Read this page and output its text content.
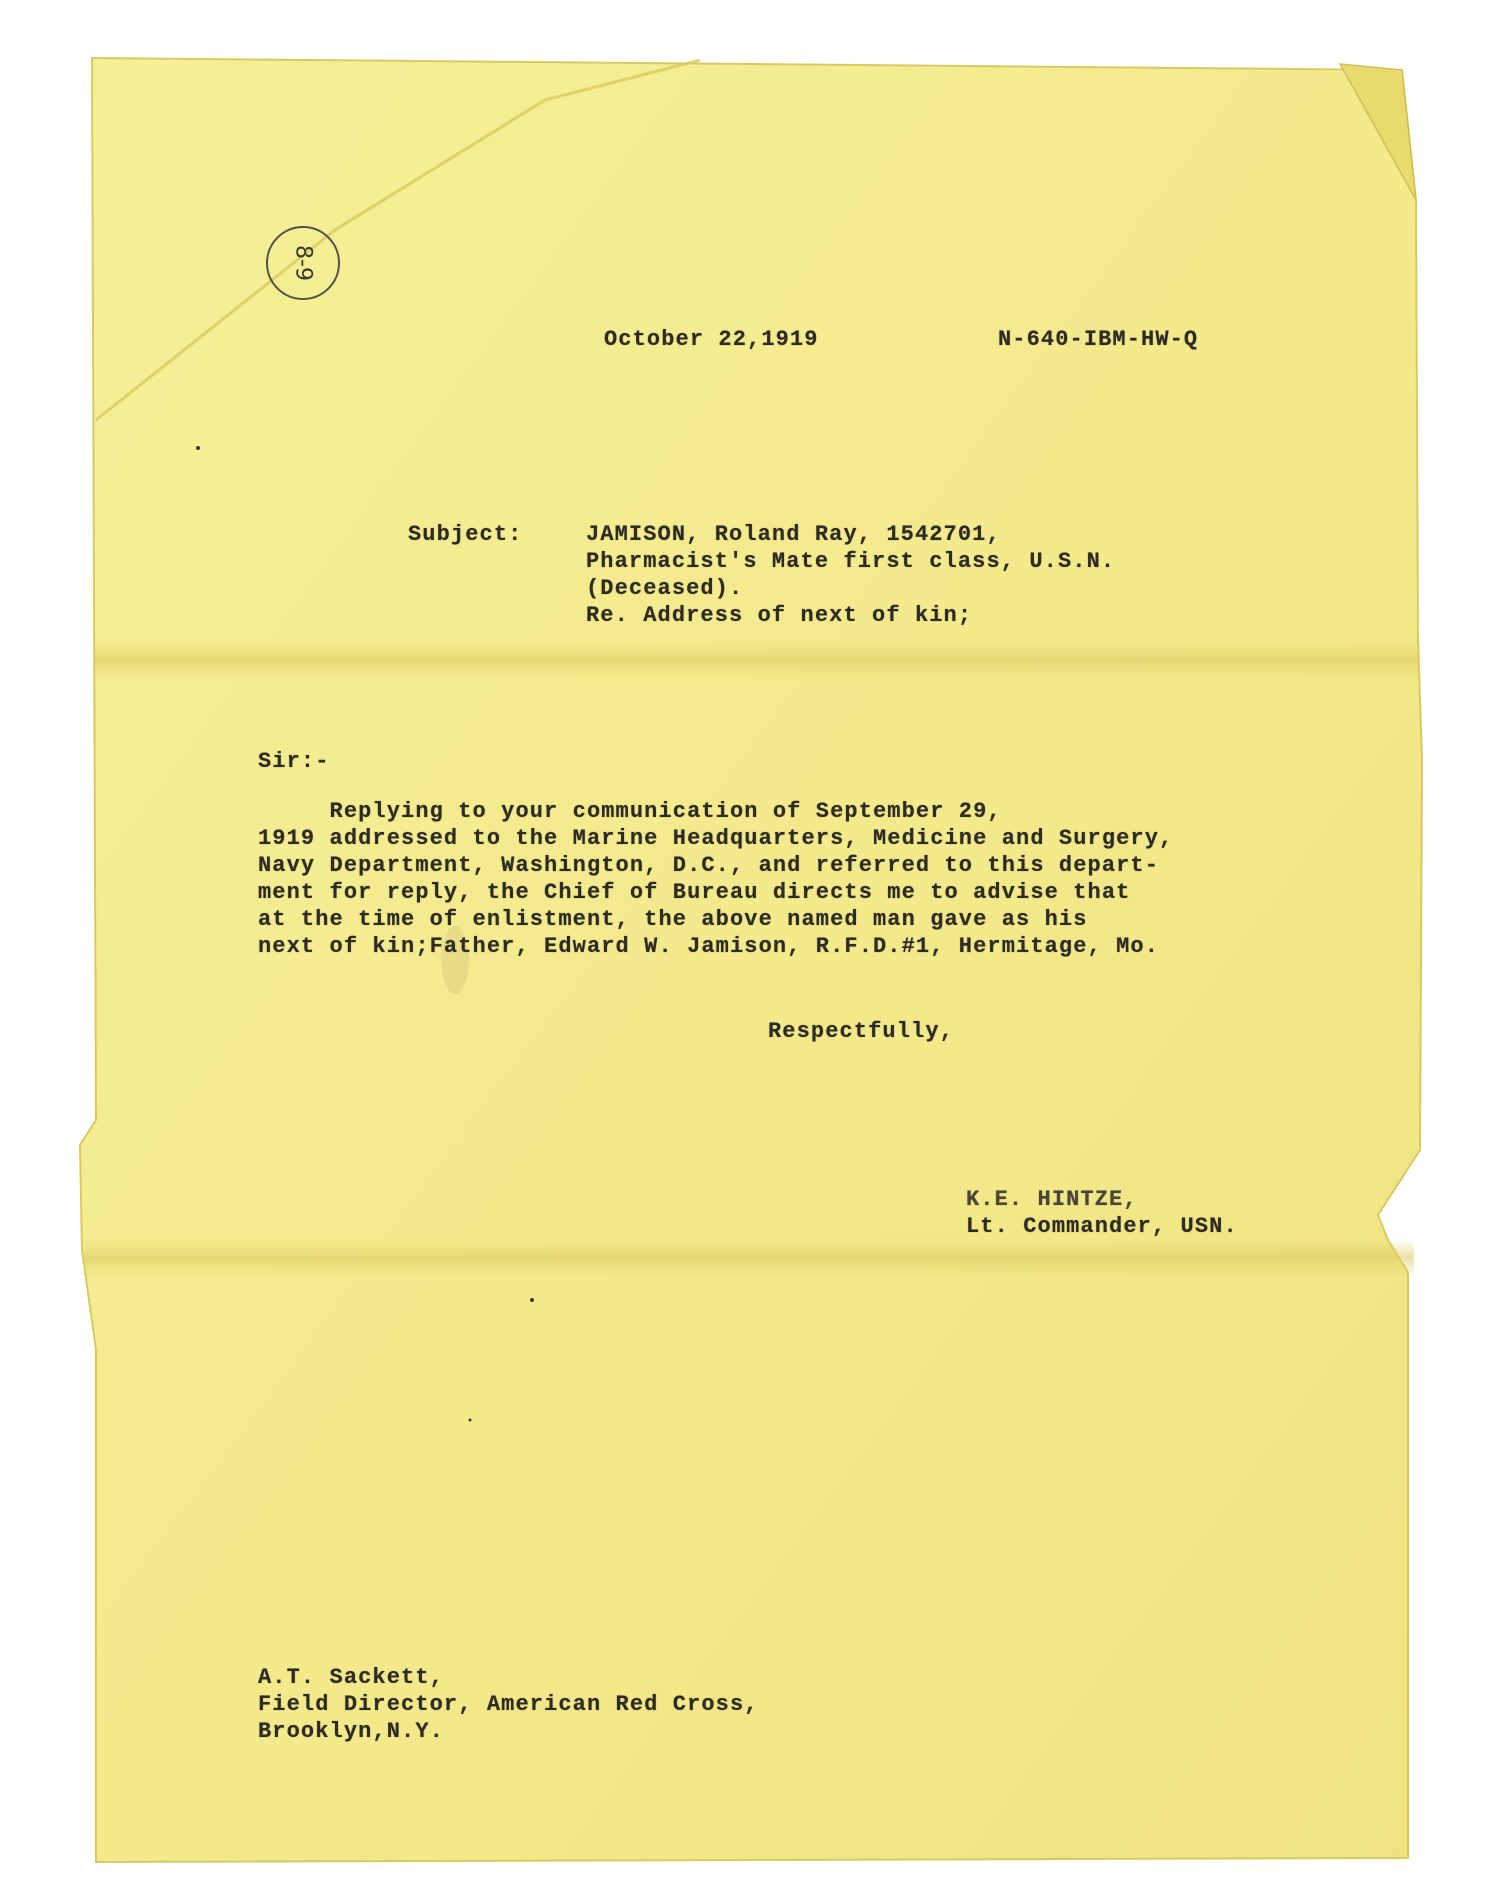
8-9
October 22,1919	N-640-IBM-HW-Q
Subject:	JAMISON, Roland Ray, 1542701,
Pharmacist's Mate first class, U.S.N.
(Deceased).
Re. Address of next of kin;
Sir:-
Replying to your communication of September 29,
1919 addressed to the Marine Headquarters, Medicine and Surgery,
Navy Department, Washington, D.C., and referred to this depart-
ment for reply, the Chief of Bureau directs me to advise that
at the time of enlistment, the above named man gave as his
next of kin;Father, Edward W. Jamison, R.F.D.#1, Hermitage, Mo.
Respectfully,
K.E. HINTZE,
Lt. Commander, USN.
A.T. Sackett,
Field Director, American Red Cross,
Brooklyn,N.Y.
